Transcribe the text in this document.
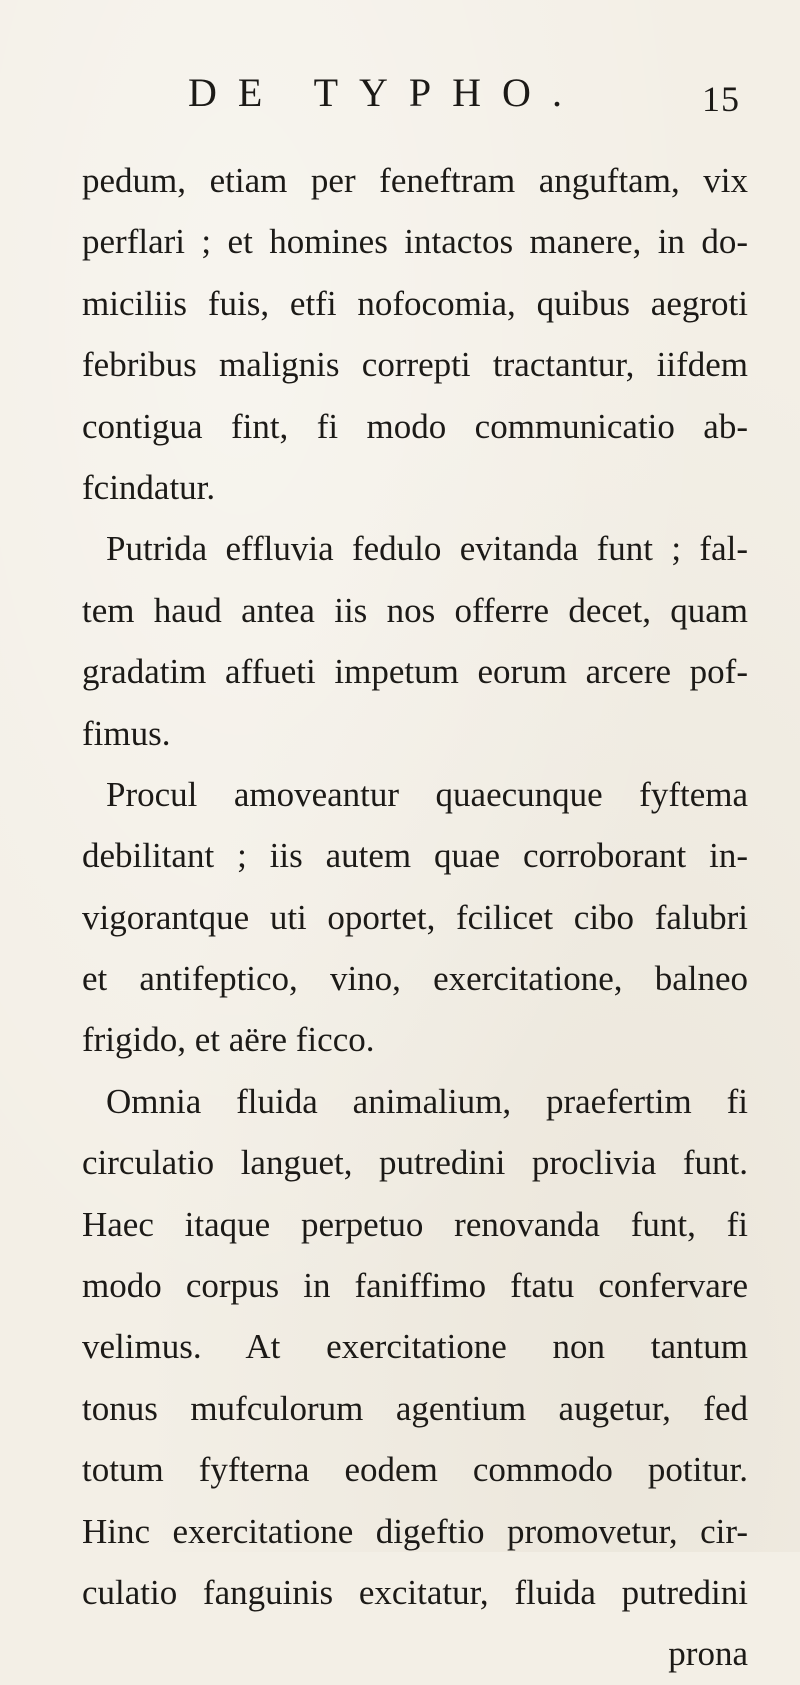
DE TYPHO.	15
pedum, etiam per feneftram anguftam, vix
perflari ; et homines intactos manere, in do-
miciliis fuis, etfi nofocomia, quibus aegroti
febribus malignis correpti tractantur, iifdem
contigua fint, fi modo communicatio ab-
fcindatur.
Putrida effluvia fedulo evitanda funt ; fal-
tem haud antea iis nos offerre decet, quam
gradatim affueti impetum eorum arcere pof-
fimus.
Procul amoveantur quaecunque fyftema
debilitant ; iis autem quae corroborant in-
vigorantque uti oportet, fcilicet cibo falubri
et antifeptico, vino, exercitatione, balneo
frigido, et aëre ficco.
Omnia fluida animalium, praefertim fi
circulatio languet, putredini proclivia funt.
Haec itaque perpetuo renovanda funt, fi
modo corpus in faniffimo ftatu confervare
velimus. At exercitatione non tantum
tonus mufculorum agentium augetur, fed
totum fyfterna eodem commodo potitur.
Hinc exercitatione digeftio promovetur, cir-
culatio fanguinis excitatur, fluida putredini
prona
